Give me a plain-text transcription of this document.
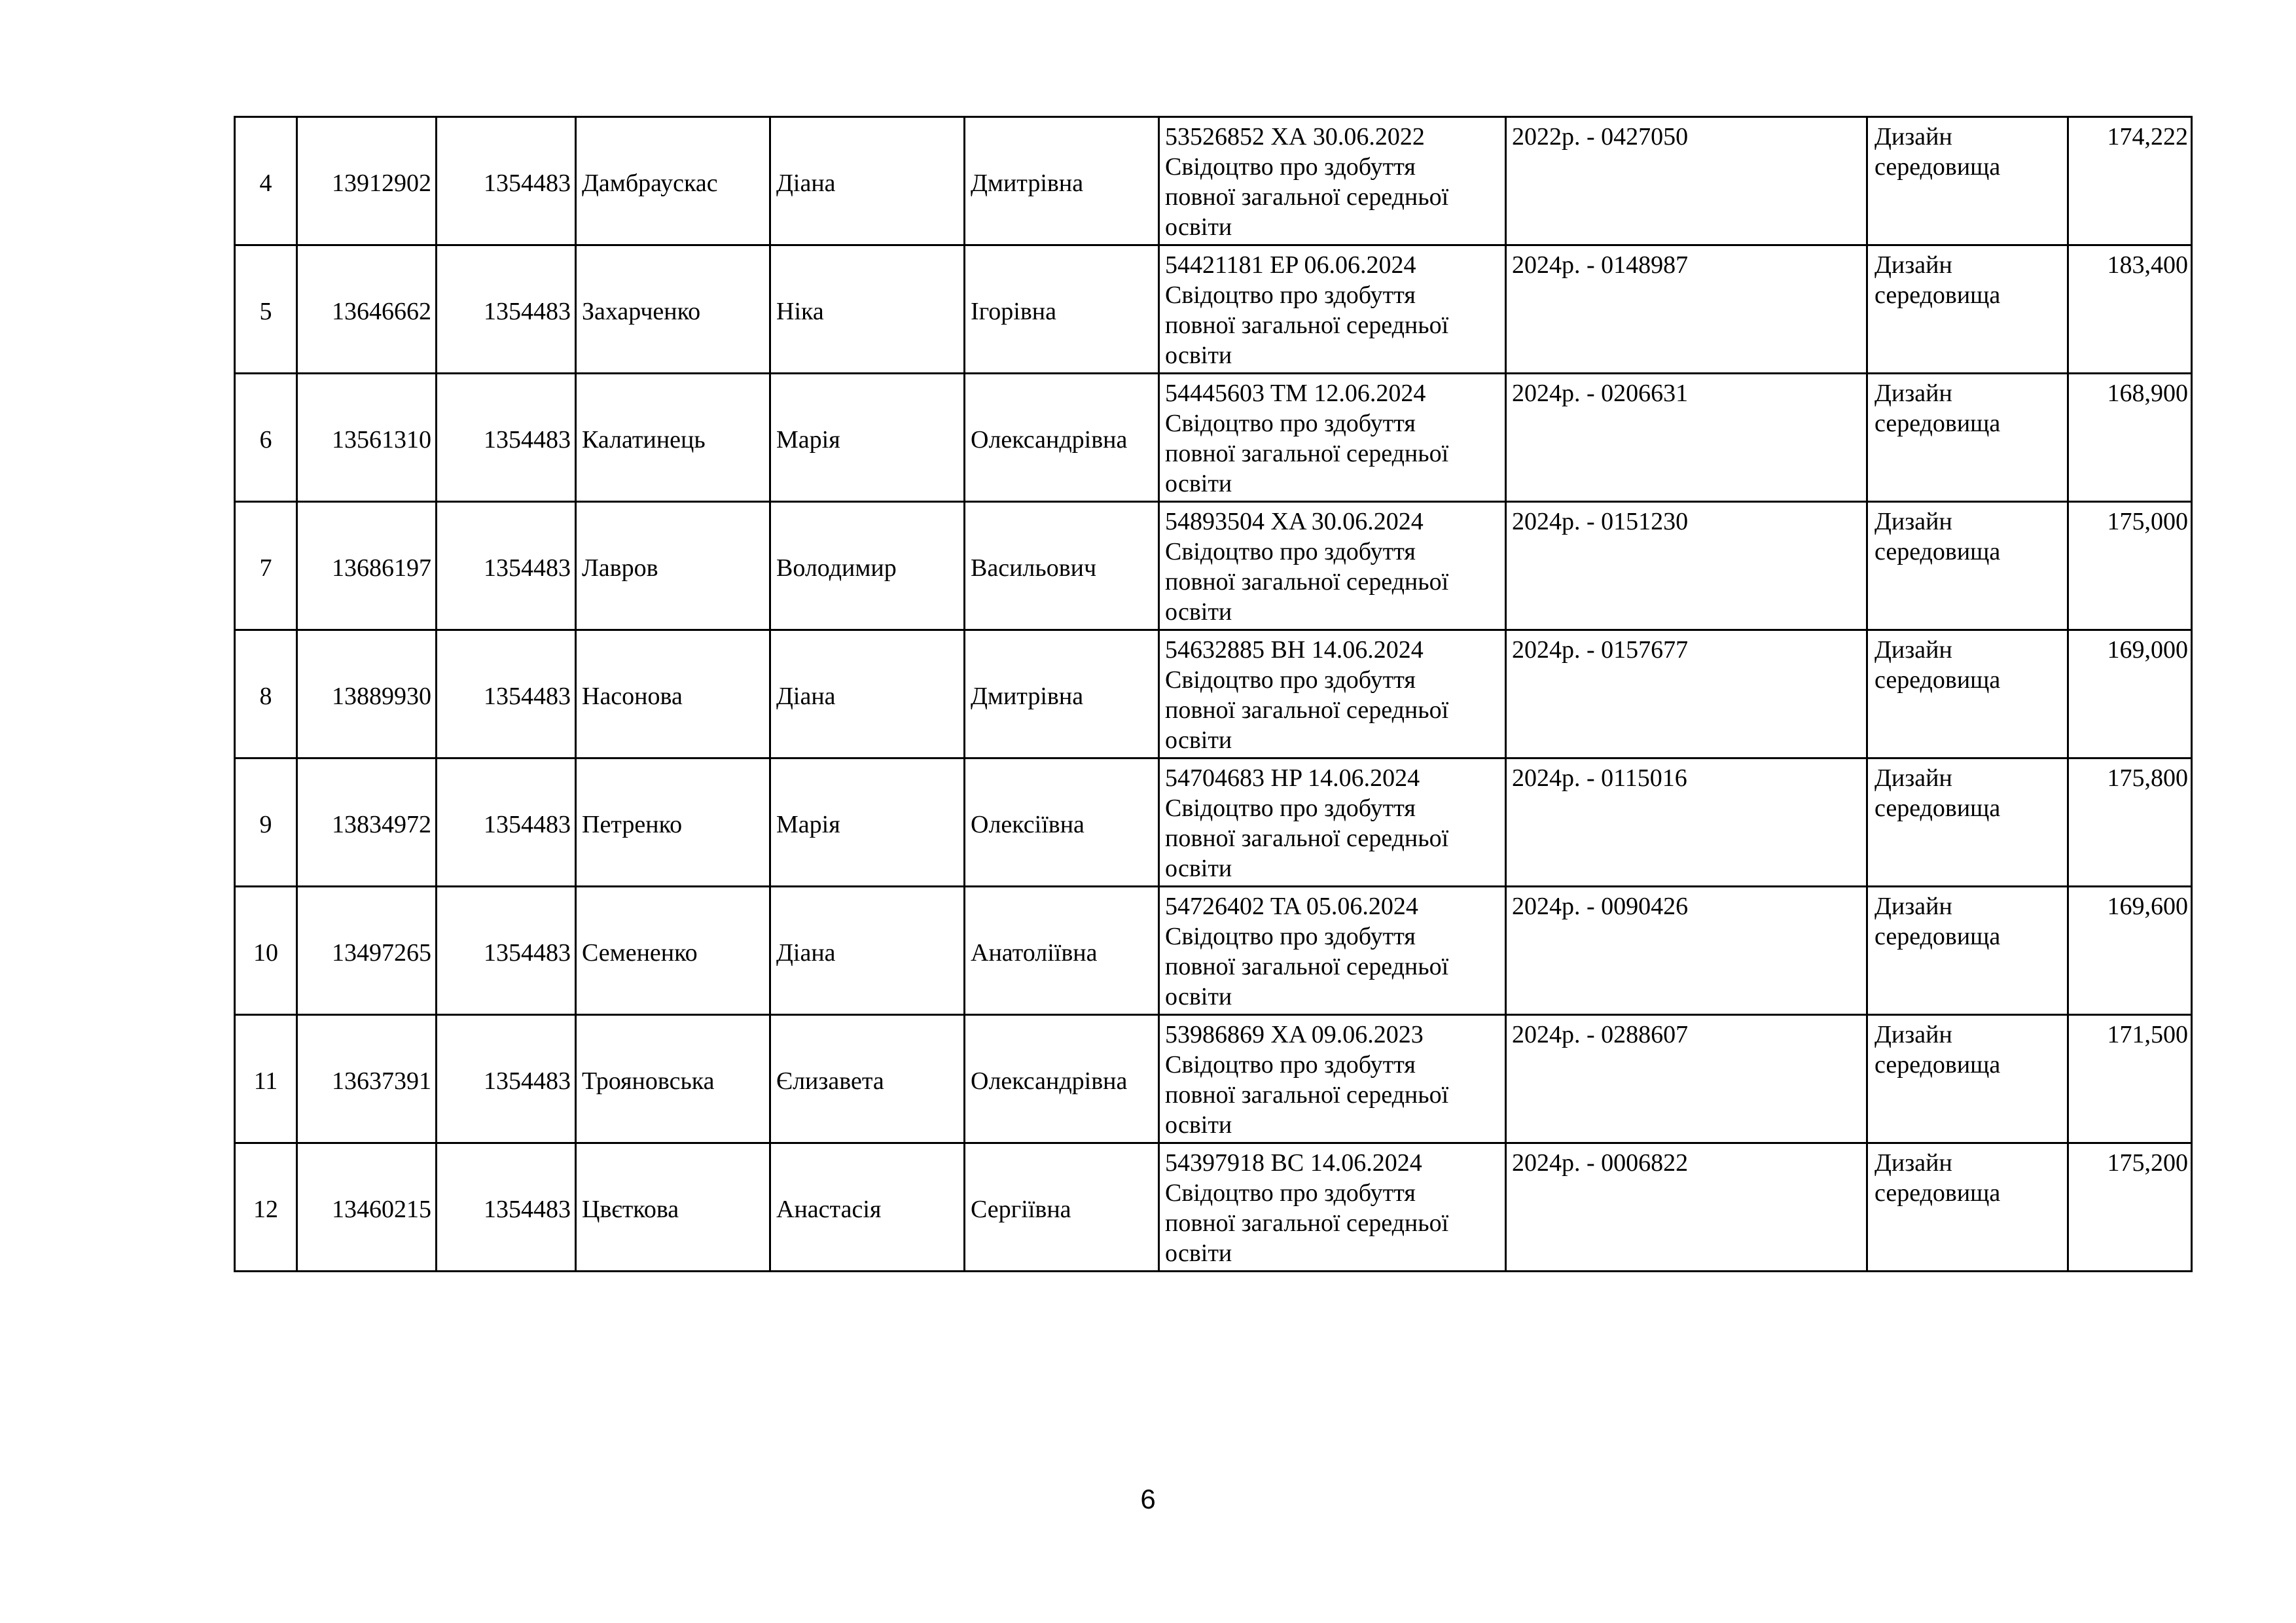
4	13912902	1354483	Дамбраускас	Діана	Дмитрівна	53526852 ХА 30.06.2022
Свідоцтво про здобуття
повної загальної середньої
освіти	2022р. - 0427050	Дизайн
середовища	174,222
5	13646662	1354483	Захарченко	Ніка	Ігорівна	54421181 EP 06.06.2024
Свідоцтво про здобуття
повної загальної середньої
освіти	2024р. - 0148987	Дизайн
середовища	183,400
6	13561310	1354483	Калатинець	Марія	Олександрівна	54445603 TM 12.06.2024
Свідоцтво про здобуття
повної загальної середньої
освіти	2024р. - 0206631	Дизайн
середовища	168,900
7	13686197	1354483	Лавров	Володимир	Васильович	54893504 XA 30.06.2024
Свідоцтво про здобуття
повної загальної середньої
освіти	2024р. - 0151230	Дизайн
середовища	175,000
8	13889930	1354483	Насонова	Діана	Дмитрівна	54632885 BH 14.06.2024
Свідоцтво про здобуття
повної загальної середньої
освіти	2024р. - 0157677	Дизайн
середовища	169,000
9	13834972	1354483	Петренко	Марія	Олексіївна	54704683 HP 14.06.2024
Свідоцтво про здобуття
повної загальної середньої
освіти	2024р. - 0115016	Дизайн
середовища	175,800
10	13497265	1354483	Семененко	Діана	Анатоліївна	54726402 TA 05.06.2024
Свідоцтво про здобуття
повної загальної середньої
освіти	2024р. - 0090426	Дизайн
середовища	169,600
11	13637391	1354483	Трояновська	Єлизавета	Олександрівна	53986869 XA 09.06.2023
Свідоцтво про здобуття
повної загальної середньої
освіти	2024р. - 0288607	Дизайн
середовища	171,500
12	13460215	1354483	Цвєткова	Анастасія	Сергіївна	54397918 BC 14.06.2024
Свідоцтво про здобуття
повної загальної середньої
освіти	2024р. - 0006822	Дизайн
середовища	175,200
6
